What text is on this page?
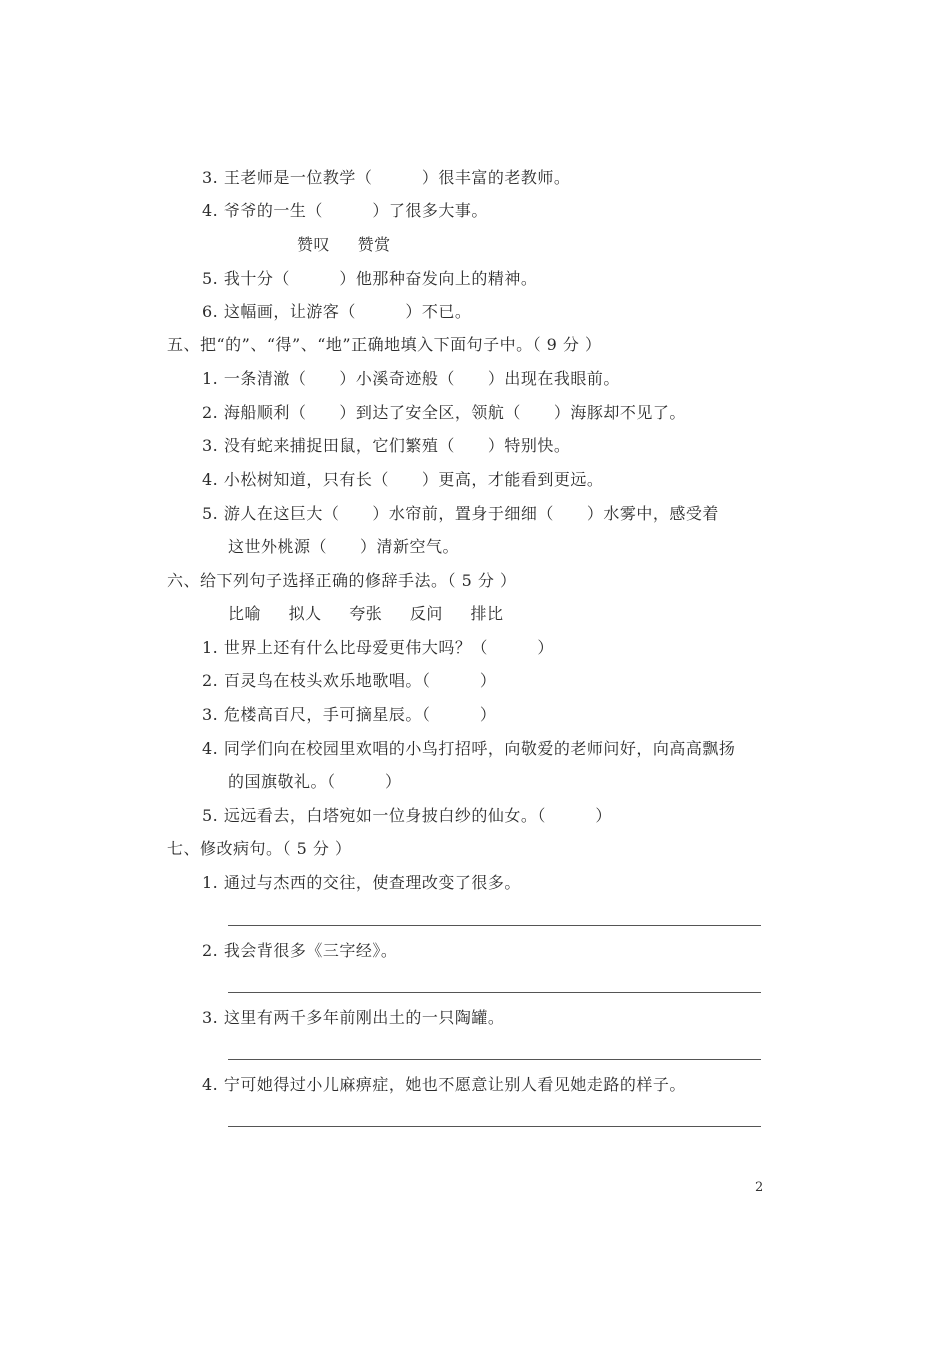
3. 王老师是一位教学（　　　）很丰富的老教师。
4. 爷爷的一生（　　　）了很多大事。
赞叹 赞赏
5. 我十分（　　　）他那种奋发向上的精神。
6. 这幅画，让游客（　　　）不已。
五、把“的”、“得”、“地”正确地填入下面句子中。（ 9 分 ）
1. 一条清澈（　　）小溪奇迹般（　　）出现在我眼前。
2. 海船顺利（　　）到达了安全区，领航（　　）海豚却不见了。
3. 没有蛇来捕捉田鼠，它们繁殖（　　）特别快。
4. 小松树知道，只有长（　　）更高，才能看到更远。
5. 游人在这巨大（　　）水帘前，置身于细细（　　）水雾中，感受着
这世外桃源（　　）清新空气。
六、给下列句子选择正确的修辞手法。（ 5 分 ）
比喻 拟人 夸张 反问 排比
1. 世界上还有什么比母爱更伟大吗？（　　　）
2. 百灵鸟在枝头欢乐地歌唱。（　　　）
3. 危楼高百尺，手可摘星辰。（　　　）
4. 同学们向在校园里欢唱的小鸟打招呼，向敬爱的老师问好，向高高飘扬
的国旗敬礼。（　　　）
5. 远远看去，白塔宛如一位身披白纱的仙女。（　　　）
七、修改病句。（ 5 分 ）
1. 通过与杰西的交往，使查理改变了很多。
2. 我会背很多《三字经》。
3. 这里有两千多年前刚出土的一只陶罐。
4. 宁可她得过小儿麻痹症，她也不愿意让别人看见她走路的样子。
2
